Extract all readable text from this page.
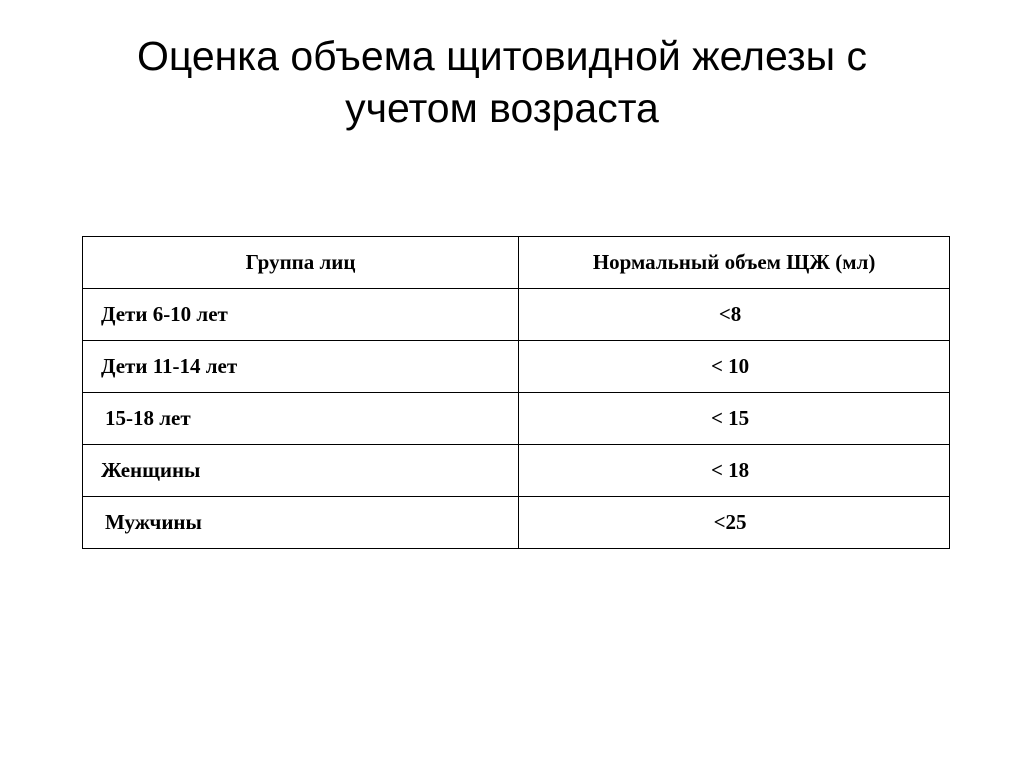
Оценка объема щитовидной железы с
учетом возраста
Группа лиц	Нормальный объем ЩЖ (мл)
Дети 6-10 лет	<8
Дети 11-14 лет	< 10
15-18 лет	< 15
Женщины	< 18
Мужчины	<25
